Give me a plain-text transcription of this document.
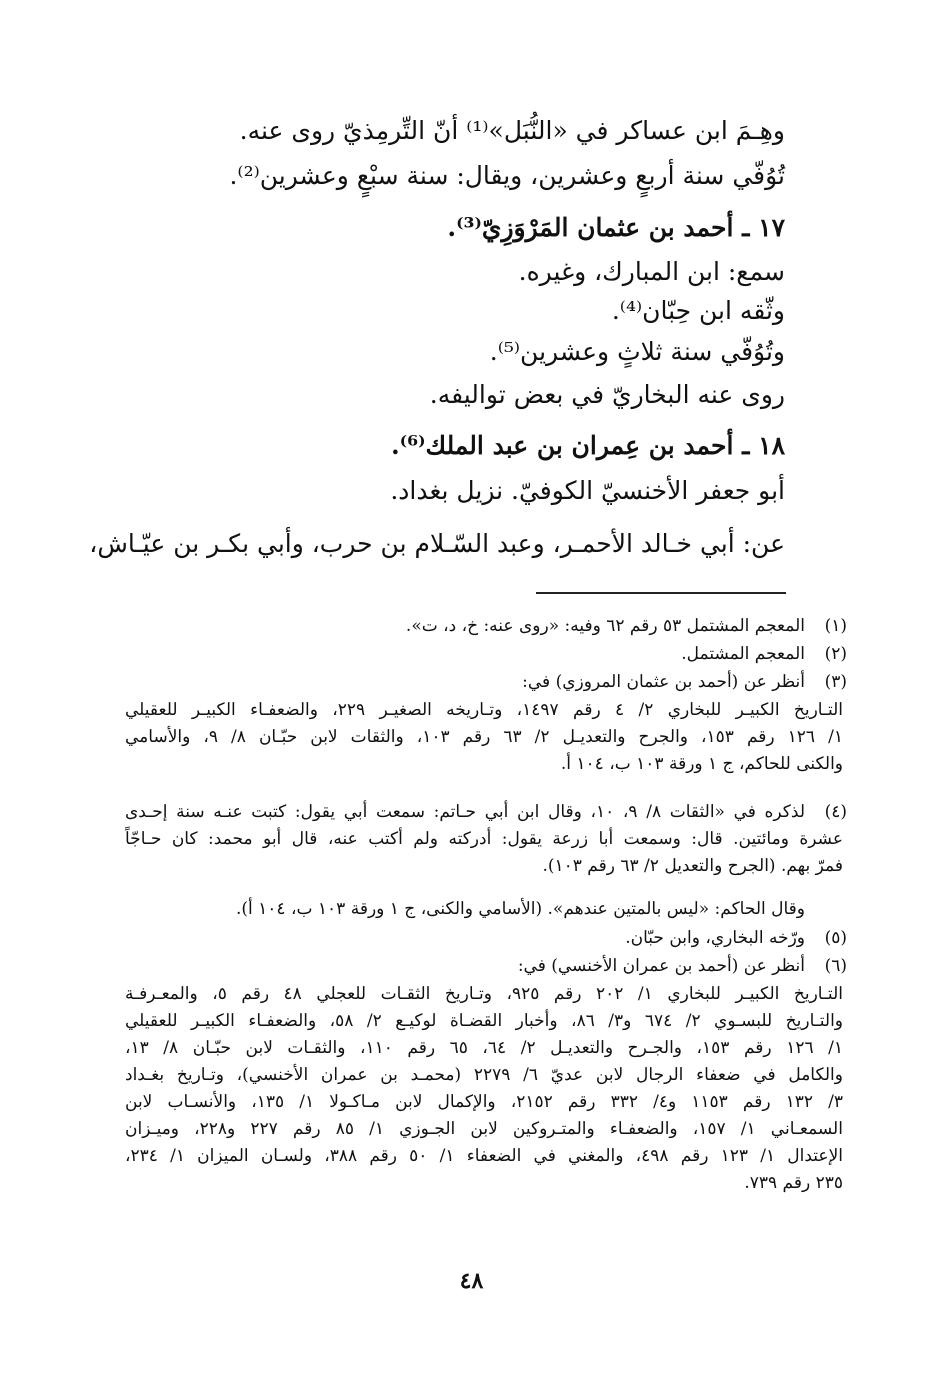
وهِـمَ ابن عساكر في «النُّبَل»⁽¹⁾ أنّ التِّرمِذيّ روى عنه.
تُوُفّي سنة أربعٍ وعشرين، ويقال: سنة سبْعٍ وعشرين⁽²⁾.
١٧ ـ أحمد بن عثمان المَرْوَزِيّ⁽³⁾.
سمع: ابن المبارك، وغيره.
وثّقه ابن حِبّان⁽⁴⁾.
وتُوُفّي سنة ثلاثٍ وعشرين⁽⁵⁾.
روى عنه البخاريّ في بعض تواليفه.
١٨ ـ أحمد بن عِمران بن عبد الملك⁽⁶⁾.
أبو جعفر الأخنسيّ الكوفيّ. نزيل بغداد.
عن: أبي خـالد الأحمـر، وعبد السّـلام بن حرب، وأبي بكـر بن عيّـاش،
(١)
المعجم المشتمل ٥٣ رقم ٦٢ وفيه: «روى عنه: خ، د، ت».
(٢)
المعجم المشتمل.
(٣)
أنظر عن (أحمد بن عثمان المروزي) في:
التـاريخ الكبيـر للبخاري ٢/ ٤ رقم ١٤٩٧، وتـاريخه الصغيـر ٢٢٩، والضعفـاء الكبيـر للعقيلي
١/ ١٢٦ رقم ١٥٣، والجرح والتعديـل ٢/ ٦٣ رقم ١٠٣، والثقات لابن حبّـان ٨/ ٩، والأسامي
والكنى للحاكم، ج ١ ورقة ١٠٣ ب، ١٠٤ أ.
(٤)
لذكره في «الثقات ٨/ ٩، ١٠، وقال ابن أبي حـاتم: سمعت أبي يقول: كتبت عنـه سنة إحـدى
عشرة ومائتين. قال: وسمعت أبا زرعة يقول: أدركته ولم أكتب عنه، قال أبو محمد: كان حـاجّاً
فمرّ بهم. (الجرح والتعديل ٢/ ٦٣ رقم ١٠٣).
وقال الحاكم: «ليس بالمتين عندهم». (الأسامي والكنى، ج ١ ورقة ١٠٣ ب، ١٠٤ أ).
(٥)
ورّخه البخاري، وابن حبّان.
(٦)
أنظر عن (أحمد بن عمران الأخنسي) في:
التـاريخ الكبيـر للبخاري ١/ ٢٠٢ رقم ٩٢٥، وتـاريخ الثقـات للعجلي ٤٨ رقم ٥، والمعـرفـة
والتـاريخ للبسـوي ٢/ ٦٧٤ و٣/ ٨٦، وأخبار القضـاة لوكيـع ٢/ ٥٨، والضعفـاء الكبيـر للعقيلي
١/ ١٢٦ رقم ١٥٣، والجـرح والتعديـل ٢/ ٦٤، ٦٥ رقم ١١٠، والثقـات لابن حبّـان ٨/ ١٣،
والكامل في ضعفاء الرجال لابن عديّ ٦/ ٢٢٧٩ (محمـد بن عمران الأخنسي)، وتـاريخ بغـداد
٣/ ١٣٢ رقم ١١٥٣ و٤/ ٣٣٢ رقم ٢١٥٢، والإكمال لابن مـاكـولا ١/ ١٣٥، والأنسـاب لابن
السمعـاني ١/ ١٥٧، والضعفـاء والمتـروكين لابن الجـوزي ١/ ٨٥ رقم ٢٢٧ و٢٢٨، وميـزان
الإعتدال ١/ ١٢٣ رقم ٤٩٨، والمغني في الضعفاء ١/ ٥٠ رقم ٣٨٨، ولسـان الميزان ١/ ٢٣٤،
٢٣٥ رقم ٧٣٩.
٤٨
